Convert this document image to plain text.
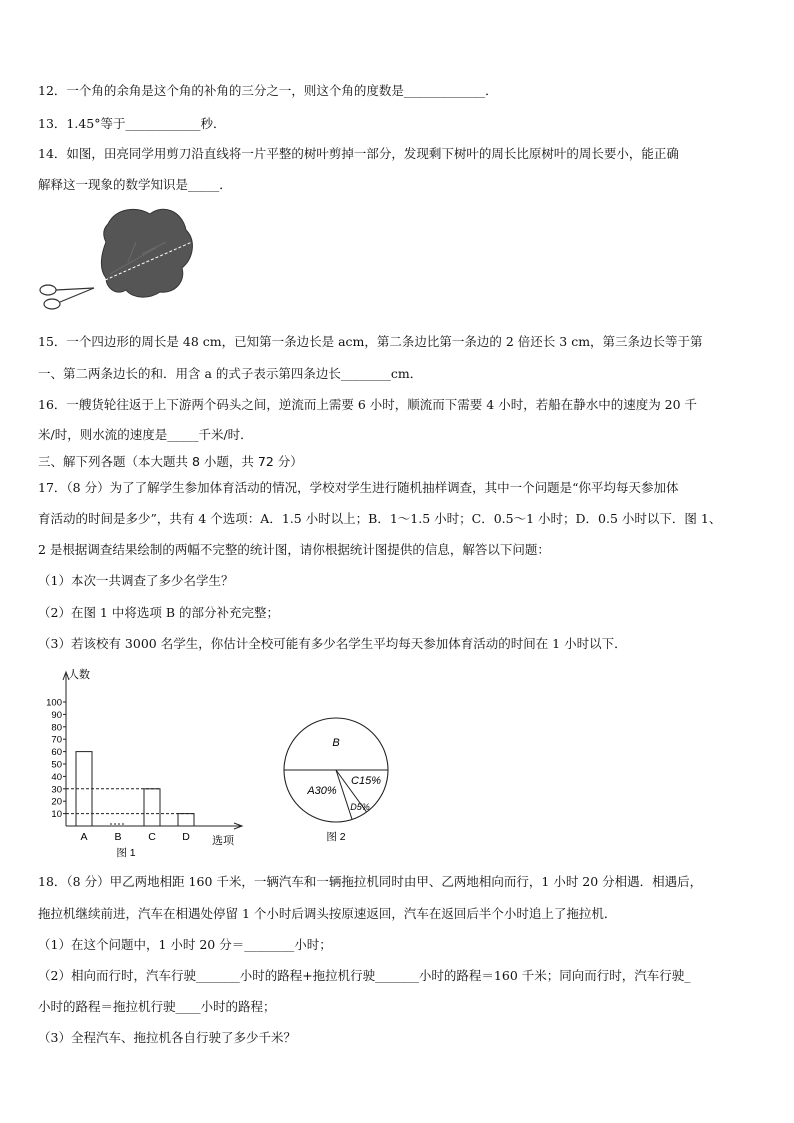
12．一个角的余角是这个角的补角的三分之一，则这个角的度数是_____________．
13．1.45°等于____________秒．
14．如图，田亮同学用剪刀沿直线将一片平整的树叶剪掉一部分，发现剩下树叶的周长比原树叶的周长要小，能正确
解释这一现象的数学知识是_____．
15．一个四边形的周长是 48 cm，已知第一条边长是 acm，第二条边比第一条边的 2 倍还长 3 cm，第三条边长等于第
一、第二两条边长的和．用含 a 的式子表示第四条边长________cm．
16．一艘货轮往返于上下游两个码头之间，逆流而上需要 6 小时，顺流而下需要 4 小时，若船在静水中的速度为 20 千
米/时，则水流的速度是_____千米/时．
三、解下列各题（本大题共 8 小题，共 72 分）
17．（8 分）为了了解学生参加体育活动的情况，学校对学生进行随机抽样调查，其中一个问题是“你平均每天参加体
育活动的时间是多少”，共有 4 个选项：A．1.5 小时以上；B．1～1.5 小时；C．0.5～1 小时；D．0.5 小时以下．图 1、
2 是根据调查结果绘制的两幅不完整的统计图，请你根据统计图提供的信息，解答以下问题：
（1）本次一共调查了多少名学生？
（2）在图 1 中将选项 B 的部分补充完整；
（3）若该校有 3000 名学生，你估计全校可能有多少名学生平均每天参加体育活动的时间在 1 小时以下．
人数
选项
10
20
30
40
50
60
70
80
90
100
A	B	C	D
图 1
B
A30%
C15%
D5%
图 2
18．（8 分）甲乙两地相距 160 千米，一辆汽车和一辆拖拉机同时由甲、乙两地相向而行，1 小时 20 分相遇．相遇后，
拖拉机继续前进，汽车在相遇处停留 1 个小时后调头按原速返回，汽车在返回后半个小时追上了拖拉机．
（1）在这个问题中，1 小时 20 分＝________小时；
（2）相向而行时，汽车行驶_______小时的路程+拖拉机行驶_______小时的路程＝160 千米；同向而行时，汽车行驶_
小时的路程＝拖拉机行驶____小时的路程；
（3）全程汽车、拖拉机各自行驶了多少千米？
